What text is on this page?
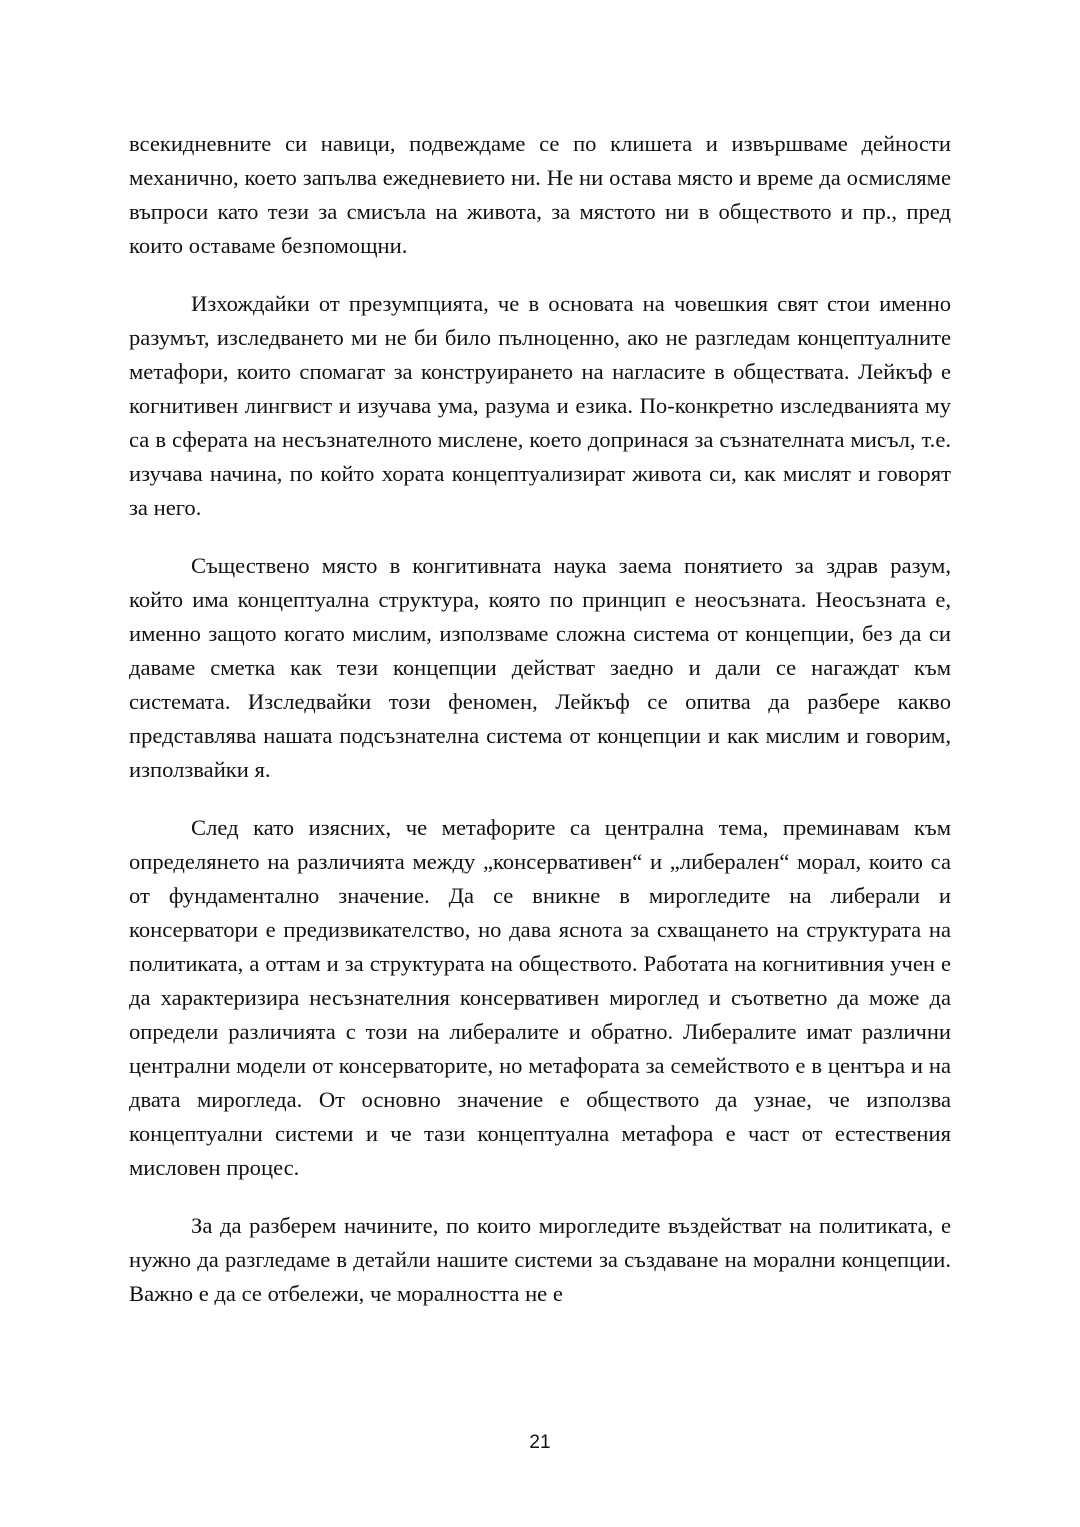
всекидневните си навици, подвеждаме се по клишета и извършваме дейности механично, което запълва ежедневието ни. Не ни остава място и време да осмисляме въпроси като тези за смисъла на живота, за мястото ни в обществото и пр., пред които оставаме безпомощни.

Изхождайки от презумпцията, че в основата на човешкия свят стои именно разумът, изследването ми не би било пълноценно, ако не разгледам концептуалните метафори, които спомагат за конструирането на нагласите в обществата. Лейкъф е когнитивен лингвист и изучава ума, разума и езика. По-конкретно изследванията му са в сферата на несъзнателното мислене, което допринася за съзнателната мисъл, т.е. изучава начина, по който хората концептуализират живота си, как мислят и говорят за него.

Съществено място в конгитивната наука заема понятието за здрав разум, който има концептуална структура, която по принцип е неосъзната. Неосъзната е, именно защото когато мислим, използваме сложна система от концепции, без да си даваме сметка как тези концепции действат заедно и дали се нагаждат към системата. Изследвайки този феномен, Лейкъф се опитва да разбере какво представлява нашата подсъзнателна система от концепции и как мислим и говорим, използвайки я.

След като изясних, че метафорите са централна тема, преминавам към определянето на различията между „консервативен“ и „либерален“ морал, които са от фундаментално значение. Да се вникне в мирогледите на либерали и консерватори е предизвикателство, но дава яснота за схващането на структурата на политиката, а оттам и за структурата на обществото. Работата на когнитивния учен е да характеризира несъзнателния консервативен мироглед и съответно да може да определи различията с този на либералите и обратно. Либералите имат различни централни модели от консерваторите, но метафората за семейството е в центъра и на двата мирогледа. От основно значение е обществото да узнае, че използва концептуални системи и че тази концептуална метафора е част от естествения мисловен процес.

За да разберем начините, по които мирогледите въздействат на политиката, е нужно да разгледаме в детайли нашите системи за създаване на морални концепции. Важно е да се отбележи, че моралността не е

21
